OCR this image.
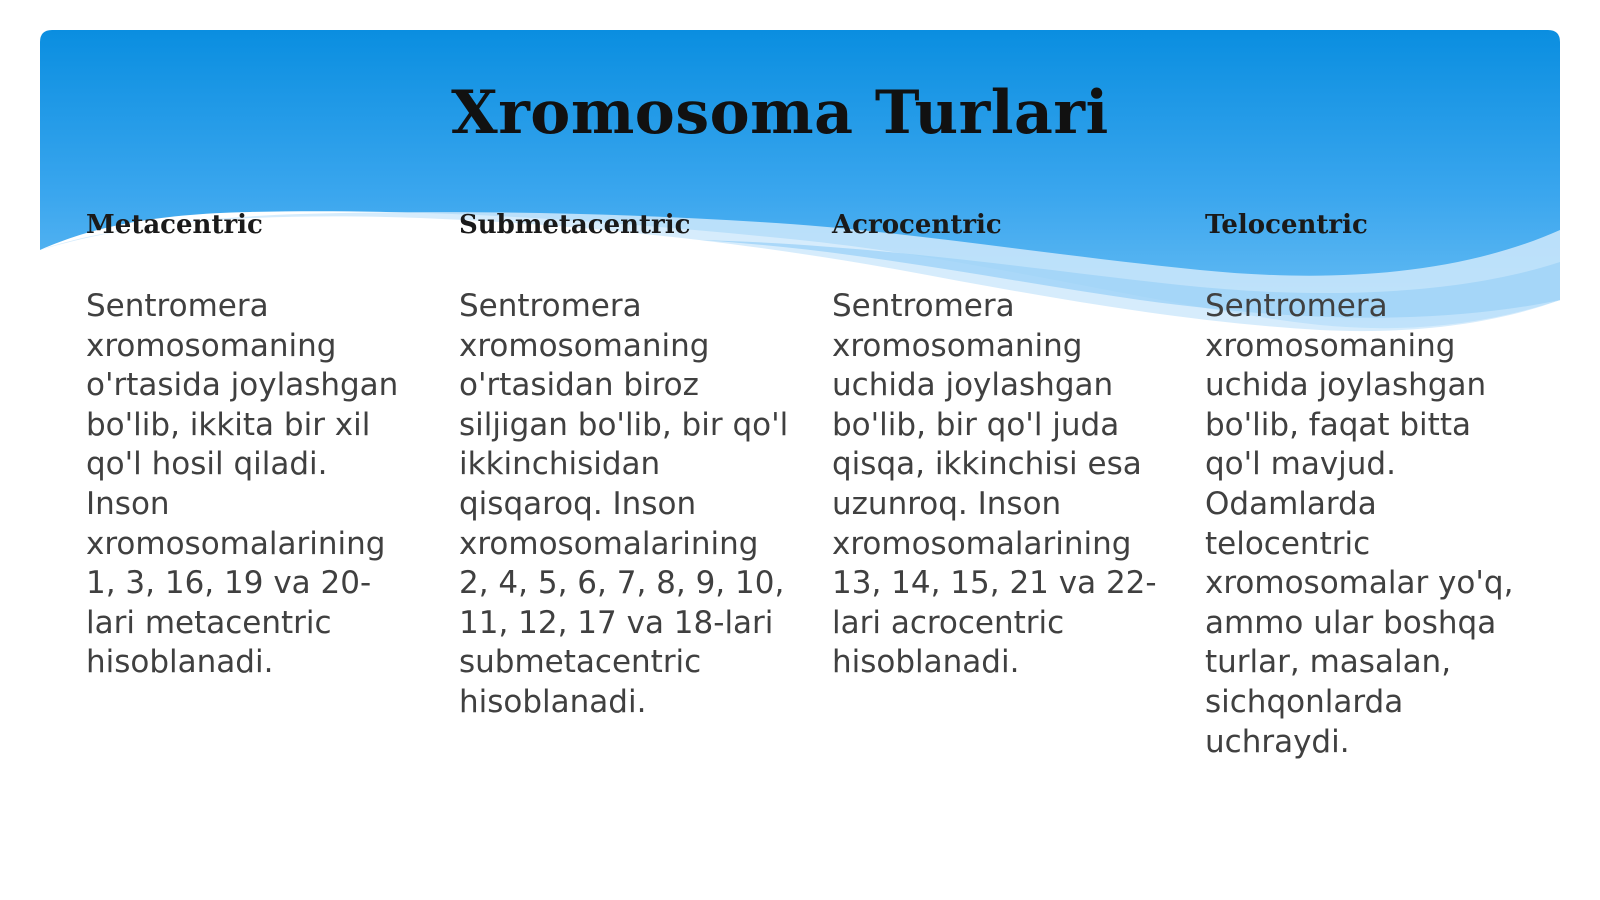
Xromosoma Turlari
Metacentric

Sentromera xromosomaning o'rtasida joylashgan bo'lib, ikkita bir xil qo'l hosil qiladi. Inson xromosomalarining 1, 3, 16, 19 va 20-lari metacentric hisoblanadi.

Submetacentric

Sentromera xromosomaning o'rtasidan biroz siljigan bo'lib, bir qo'l ikkinchisidan qisqaroq. Inson xromosomalarining 2, 4, 5, 6, 7, 8, 9, 10, 11, 12, 17 va 18-lari submetacentric hisoblanadi.

Acrocentric

Sentromera xromosomaning uchida joylashgan bo'lib, bir qo'l juda qisqa, ikkinchisi esa uzunroq. Inson xromosomalarining 13, 14, 15, 21 va 22-lari acrocentric hisoblanadi.

Telocentric

Sentromera xromosomaning uchida joylashgan bo'lib, faqat bitta qo'l mavjud. Odamlarda telocentric xromosomalar yo'q, ammo ular boshqa turlar, masalan, sichqonlarda uchraydi.
